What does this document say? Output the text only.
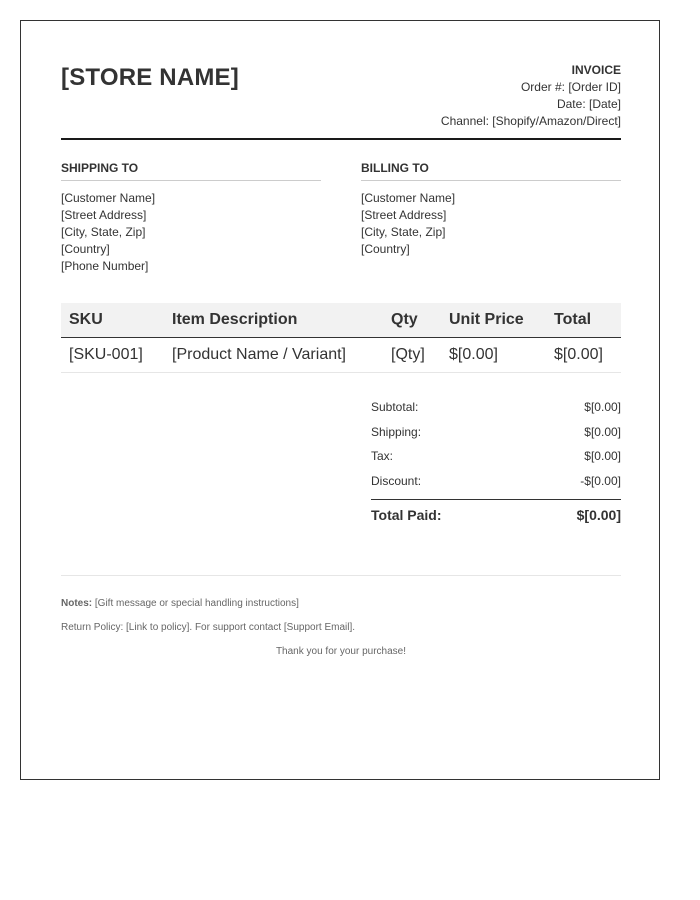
[STORE NAME]	INVOICE
Order #: [Order ID]
Date: [Date]
Channel: [Shopify/Amazon/Direct]
SHIPPING TO
[Customer Name]
[Street Address]
[City, State, Zip]
[Country]
[Phone Number]
BILLING TO
[Customer Name]
[Street Address]
[City, State, Zip]
[Country]
SKU	Item Description	Qty	Unit Price	Total
[SKU-001]	[Product Name / Variant]	[Qty]	$[0.00]	$[0.00]
Subtotal:	$[0.00]
Shipping:	$[0.00]
Tax:	$[0.00]
Discount:	-$[0.00]
Total Paid:	$[0.00]
Notes: [Gift message or special handling instructions]
Return Policy: [Link to policy]. For support contact [Support Email].
Thank you for your purchase!
